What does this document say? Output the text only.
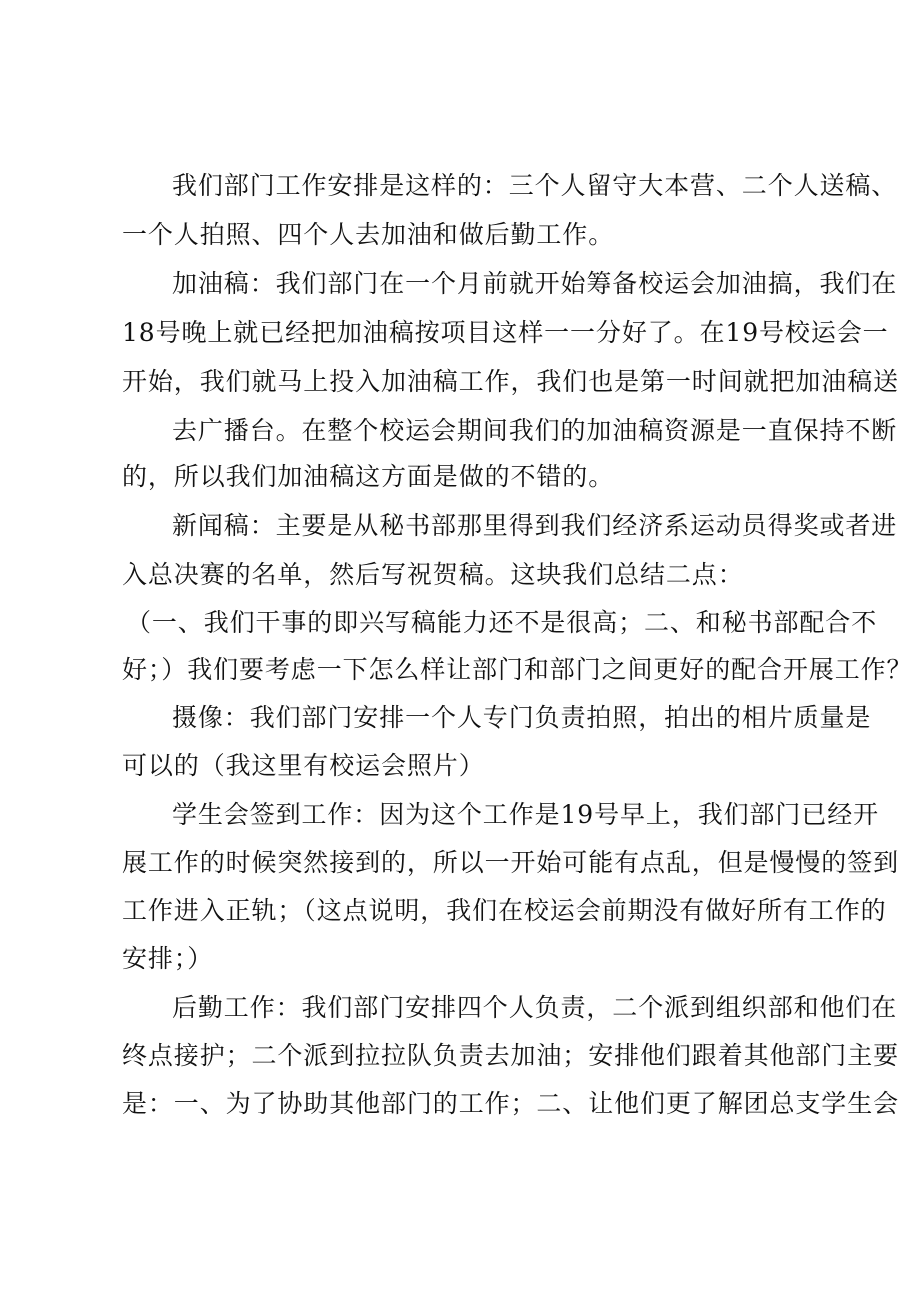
我们部门工作安排是这样的：三个人留守大本营、二个人送稿、
一个人拍照、四个人去加油和做后勤工作。
加油稿：我们部门在一个月前就开始筹备校运会加油搞，我们在
18号晚上就已经把加油稿按项目这样一一分好了。在19号校运会一
开始，我们就马上投入加油稿工作，我们也是第一时间就把加油稿送
去广播台。在整个校运会期间我们的加油稿资源是一直保持不断
的，所以我们加油稿这方面是做的不错的。
新闻稿：主要是从秘书部那里得到我们经济系运动员得奖或者进
入总决赛的名单，然后写祝贺稿。这块我们总结二点：
（一、我们干事的即兴写稿能力还不是很高；二、和秘书部配合不
好；）我们要考虑一下怎么样让部门和部门之间更好的配合开展工作？
摄像：我们部门安排一个人专门负责拍照，拍出的相片质量是
可以的（我这里有校运会照片）
学生会签到工作：因为这个工作是19号早上，我们部门已经开
展工作的时候突然接到的，所以一开始可能有点乱，但是慢慢的签到
工作进入正轨；（这点说明，我们在校运会前期没有做好所有工作的
安排；）
后勤工作：我们部门安排四个人负责，二个派到组织部和他们在
终点接护；二个派到拉拉队负责去加油；安排他们跟着其他部门主要
是：一、为了协助其他部门的工作；二、让他们更了解团总支学生会
